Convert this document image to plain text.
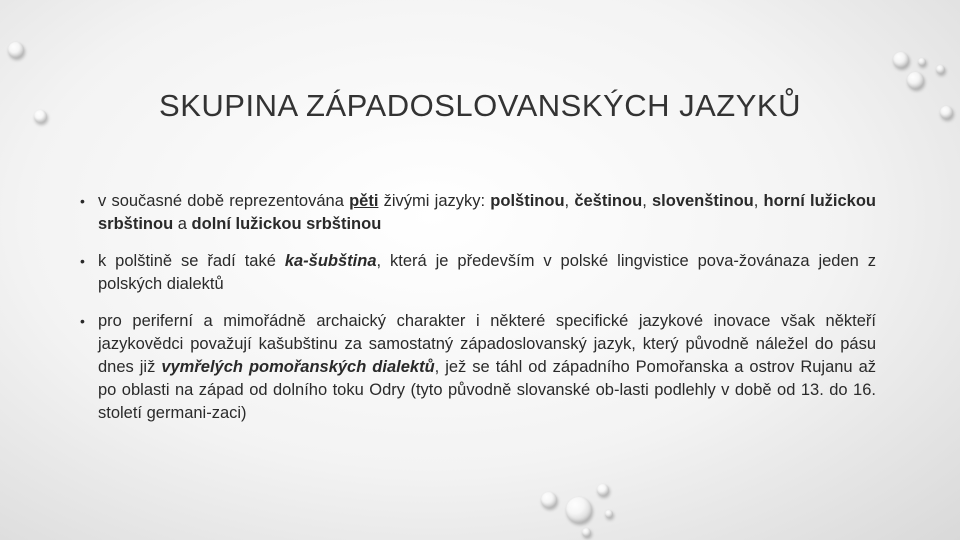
SKUPINA ZÁPADOSLOVANSKÝCH JAZYKŮ
• v současné době reprezentována pěti živými jazyky: polštinou, češtinou, slovenštinou, horní lužickou srbštinou a dolní lužickou srbštinou
• k polštině se řadí také ka-šubština, která je především v polské lingvistice pova-žovánaza jeden z polských dialektů
• pro periferní a mimořádně archaický charakter i některé specifické jazykové inovace však někteří jazykovědci považují kašubštinu za samostatný západoslovanský jazyk, který původně náležel do pásu dnes již vymřelých pomořanských dialektů, jež se táhl od západního Pomořanska a ostrov Rujanu až po oblasti na západ od dolního toku Odry (tyto původně slovanské ob-lasti podlehly v době od 13. do 16. století germani-zaci)
